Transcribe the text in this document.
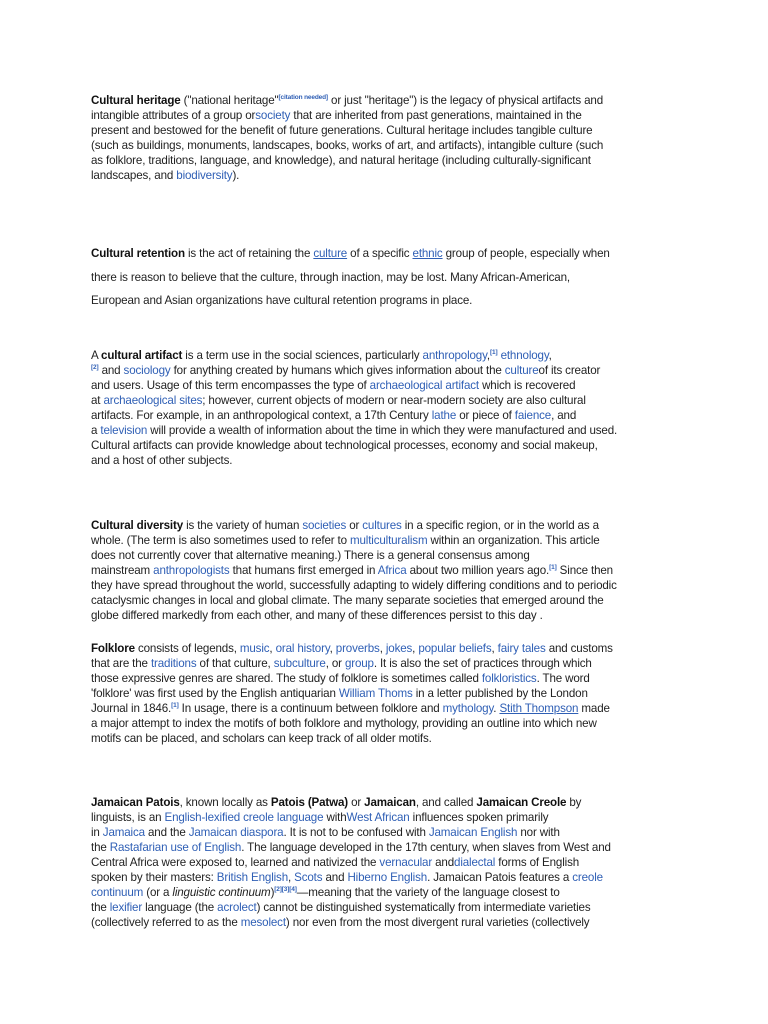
Cultural heritage ("national heritage"[citation needed] or just "heritage") is the legacy of physical artifacts and
intangible attributes of a group orsociety that are inherited from past generations, maintained in the
present and bestowed for the benefit of future generations. Cultural heritage includes tangible culture
(such as buildings, monuments, landscapes, books, works of art, and artifacts), intangible culture (such
as folklore, traditions, language, and knowledge), and natural heritage (including culturally-significant
landscapes, and biodiversity).
Cultural retention is the act of retaining the culture of a specific ethnic group of people, especially when
there is reason to believe that the culture, through inaction, may be lost. Many African-American,
European and Asian organizations have cultural retention programs in place.
A cultural artifact is a term use in the social sciences, particularly anthropology,[1] ethnology,
[2] and sociology for anything created by humans which gives information about the cultureof its creator
and users. Usage of this term encompasses the type of archaeological artifact which is recovered
at archaeological sites; however, current objects of modern or near-modern society are also cultural
artifacts. For example, in an anthropological context, a 17th Century lathe or piece of faience, and
a television will provide a wealth of information about the time in which they were manufactured and used.
Cultural artifacts can provide knowledge about technological processes, economy and social makeup,
and a host of other subjects.
Cultural diversity is the variety of human societies or cultures in a specific region, or in the world as a
whole. (The term is also sometimes used to refer to multiculturalism within an organization. This article
does not currently cover that alternative meaning.) There is a general consensus among
mainstream anthropologists that humans first emerged in Africa about two million years ago.[1] Since then
they have spread throughout the world, successfully adapting to widely differing conditions and to periodic
cataclysmic changes in local and global climate. The many separate societies that emerged around the
globe differed markedly from each other, and many of these differences persist to this day .
Folklore consists of legends, music, oral history, proverbs, jokes, popular beliefs, fairy tales and customs
that are the traditions of that culture, subculture, or group. It is also the set of practices through which
those expressive genres are shared. The study of folklore is sometimes called folkloristics. The word
'folklore' was first used by the English antiquarian William Thoms in a letter published by the London
Journal in 1846.[1] In usage, there is a continuum between folklore and mythology. Stith Thompson made
a major attempt to index the motifs of both folklore and mythology, providing an outline into which new
motifs can be placed, and scholars can keep track of all older motifs.
Jamaican Patois, known locally as Patois (Patwa) or Jamaican, and called Jamaican Creole by
linguists, is an English-lexified creole language withWest African influences spoken primarily
in Jamaica and the Jamaican diaspora. It is not to be confused with Jamaican English nor with
the Rastafarian use of English. The language developed in the 17th century, when slaves from West and
Central Africa were exposed to, learned and nativized the vernacular anddialectal forms of English
spoken by their masters: British English, Scots and Hiberno English. Jamaican Patois features a creole
continuum (or a linguistic continuum)[2][3][4]—meaning that the variety of the language closest to
the lexifier language (the acrolect) cannot be distinguished systematically from intermediate varieties
(collectively referred to as the mesolect) nor even from the most divergent rural varieties (collectively
